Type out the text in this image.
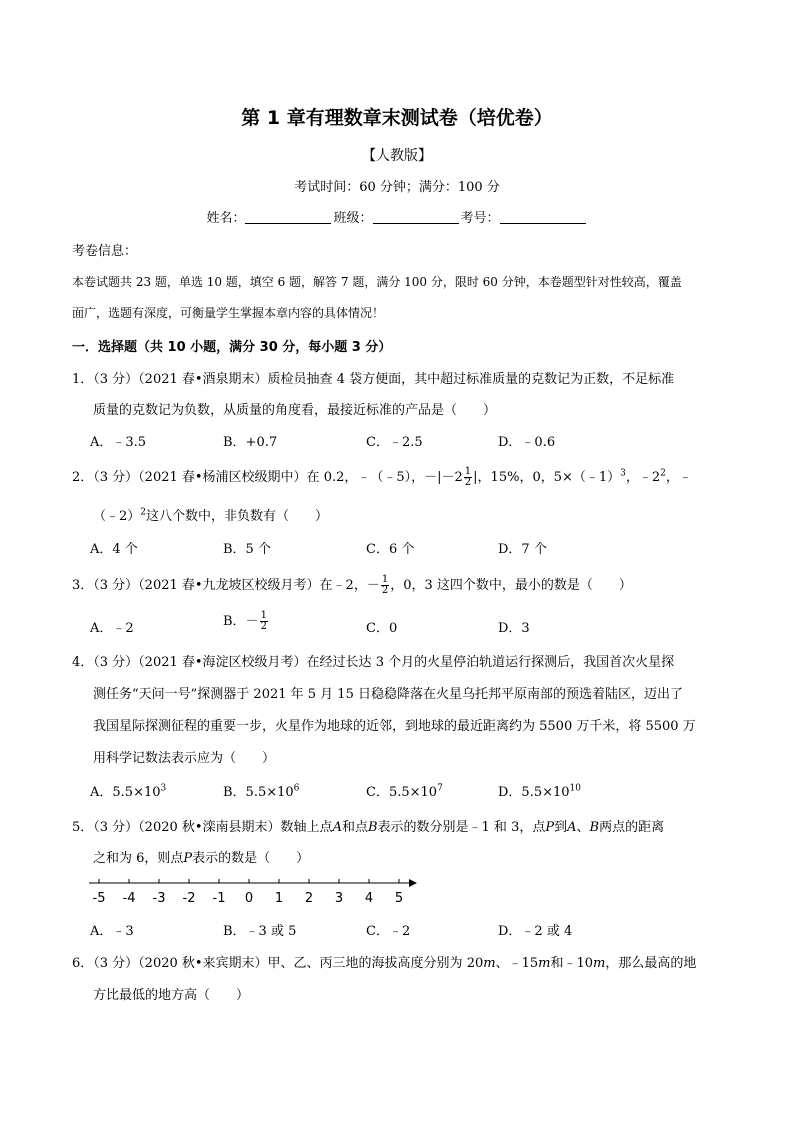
第 1 章有理数章末测试卷（培优卷）
【人教版】
考试时间：60 分钟；满分：100 分
姓名：	班级：	考号：
考卷信息：
本卷试题共 23 题，单选 10 题，填空 6 题，解答 7 题，满分 100 分，限时 60 分钟，本卷题型针对性较高，覆盖
面广，选题有深度，可衡量学生掌握本章内容的具体情况！
一．选择题（共 10 小题，满分 30 分，每小题 3 分）
1．（3 分）（2021 春•酒泉期末）质检员抽查 4 袋方便面，其中超过标准质量的克数记为正数，不足标准
质量的克数记为负数，从质量的角度看，最接近标准的产品是（　　）
A．﹣3.5	B．+0.7	C．﹣2.5	D．﹣0.6
2．（3 分）（2021 春•杨浦区校级期中）在 0.2，﹣（﹣5），$-|-2 \frac{1}{2}$ |，15%，0，5×（﹣1）$^3$，$﹣2^2$，﹣
（﹣2）$^2$这八个数中，非负数有（　　）
A．4 个	B．5 个	C．6 个	D．7 个
3．（3 分）（2021 春•九龙坡区校级月考）在﹣2，－ $\frac{1}{2}$ ，0，3 这四个数中，最小的数是（　　）
A．﹣2	B．－ $\frac{1}{2}$	C．0	D．3
4．（3 分）（2021 春•海淀区校级月考）在经过长达 3 个月的火星停泊轨道运行探测后，我国首次火星探
测任务“天问一号”探测器于 2021 年 5 月 15 日稳稳降落在火星乌托邦平原南部的预选着陆区，迈出了
我国星际探测征程的重要一步，火星作为地球的近邻，到地球的最近距离约为 5500 万千米，将 5500 万
用科学记数法表示应为（　　）
A．$5.5\times 10^3$	B．$5.5\times 10^6$	C．$5.5\times 10^7$	D．$5.5\times 10^{10}$
5．（3 分）（2020 秋•滦南县期末）数轴上点A和点B表示的数分别是﹣1 和 3，点P到A、B两点的距离
之和为 6，则点P表示的数是（　　）
-5 -4 -3 -2 -1 0 1 2 3 4 5
A．﹣3	B．﹣3 或 5	C．﹣2	D．﹣2 或 4
6．（3 分）（2020 秋•来宾期末）甲、乙、丙三地的海拔高度分别为 20m、﹣15m和﹣10m，那么最高的地
方比最低的地方高（　　）
